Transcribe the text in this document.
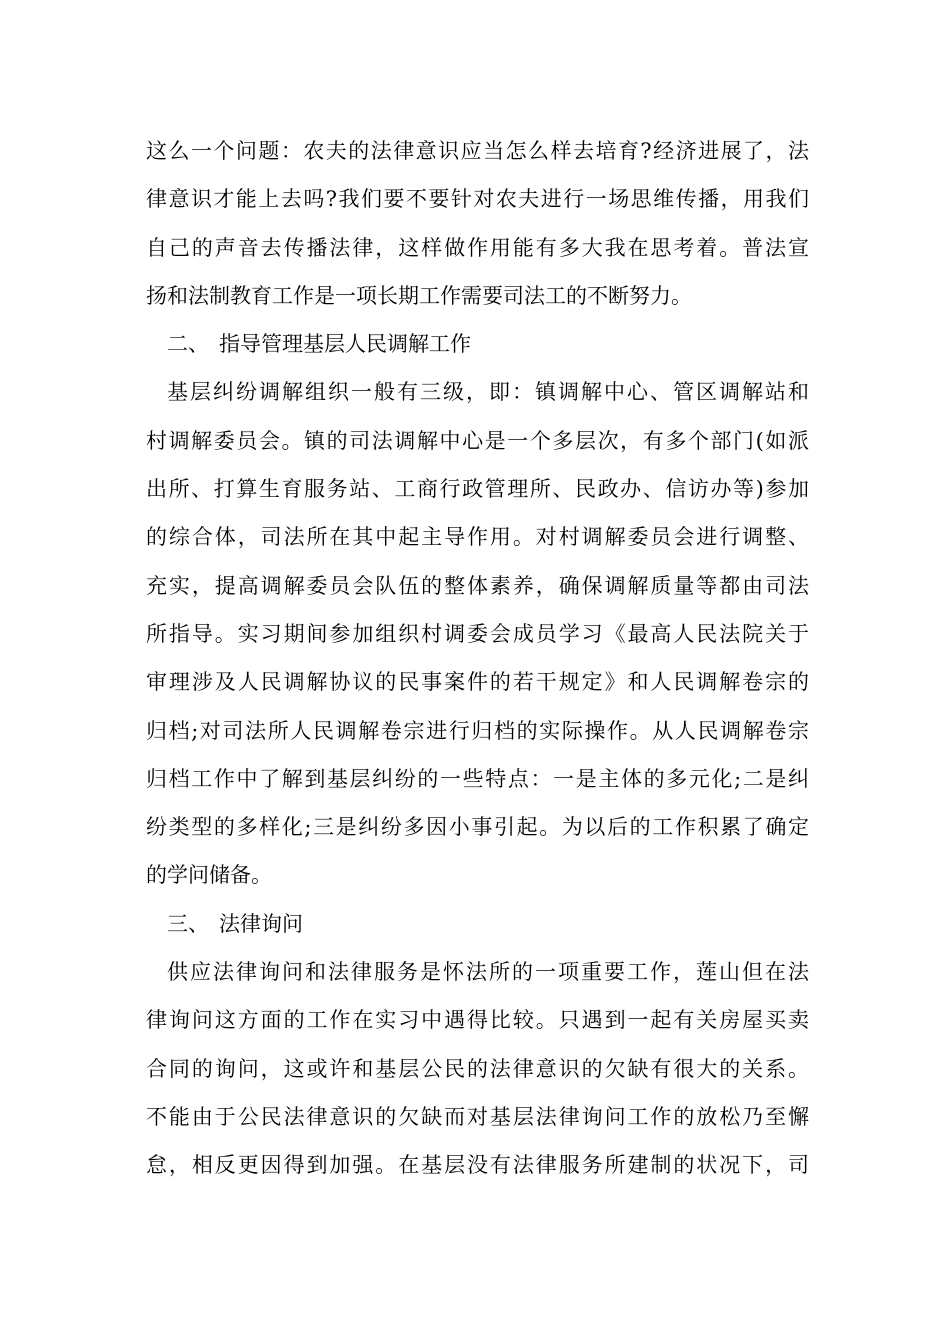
这么一个问题：农夫的法律意识应当怎么样去培育?经济进展了，法
律意识才能上去吗?我们要不要针对农夫进行一场思维传播，用我们
自己的声音去传播法律，这样做作用能有多大我在思考着。普法宣
扬和法制教育工作是一项长期工作需要司法工的不断努力。
二、 指导管理基层人民调解工作
基层纠纷调解组织一般有三级，即：镇调解中心、管区调解站和
村调解委员会。镇的司法调解中心是一个多层次，有多个部门(如派
出所、打算生育服务站、工商行政管理所、民政办、信访办等)参加
的综合体，司法所在其中起主导作用。对村调解委员会进行调整、
充实，提高调解委员会队伍的整体素养，确保调解质量等都由司法
所指导。实习期间参加组织村调委会成员学习《最高人民法院关于
审理涉及人民调解协议的民事案件的若干规定》和人民调解卷宗的
归档;对司法所人民调解卷宗进行归档的实际操作。从人民调解卷宗
归档工作中了解到基层纠纷的一些特点：一是主体的多元化;二是纠
纷类型的多样化;三是纠纷多因小事引起。为以后的工作积累了确定
的学问储备。
三、 法律询问
供应法律询问和法律服务是怀法所的一项重要工作，莲山但在法
律询问这方面的工作在实习中遇得比较。只遇到一起有关房屋买卖
合同的询问，这或许和基层公民的法律意识的欠缺有很大的关系。
不能由于公民法律意识的欠缺而对基层法律询问工作的放松乃至懈
怠，相反更因得到加强。在基层没有法律服务所建制的状况下，司
